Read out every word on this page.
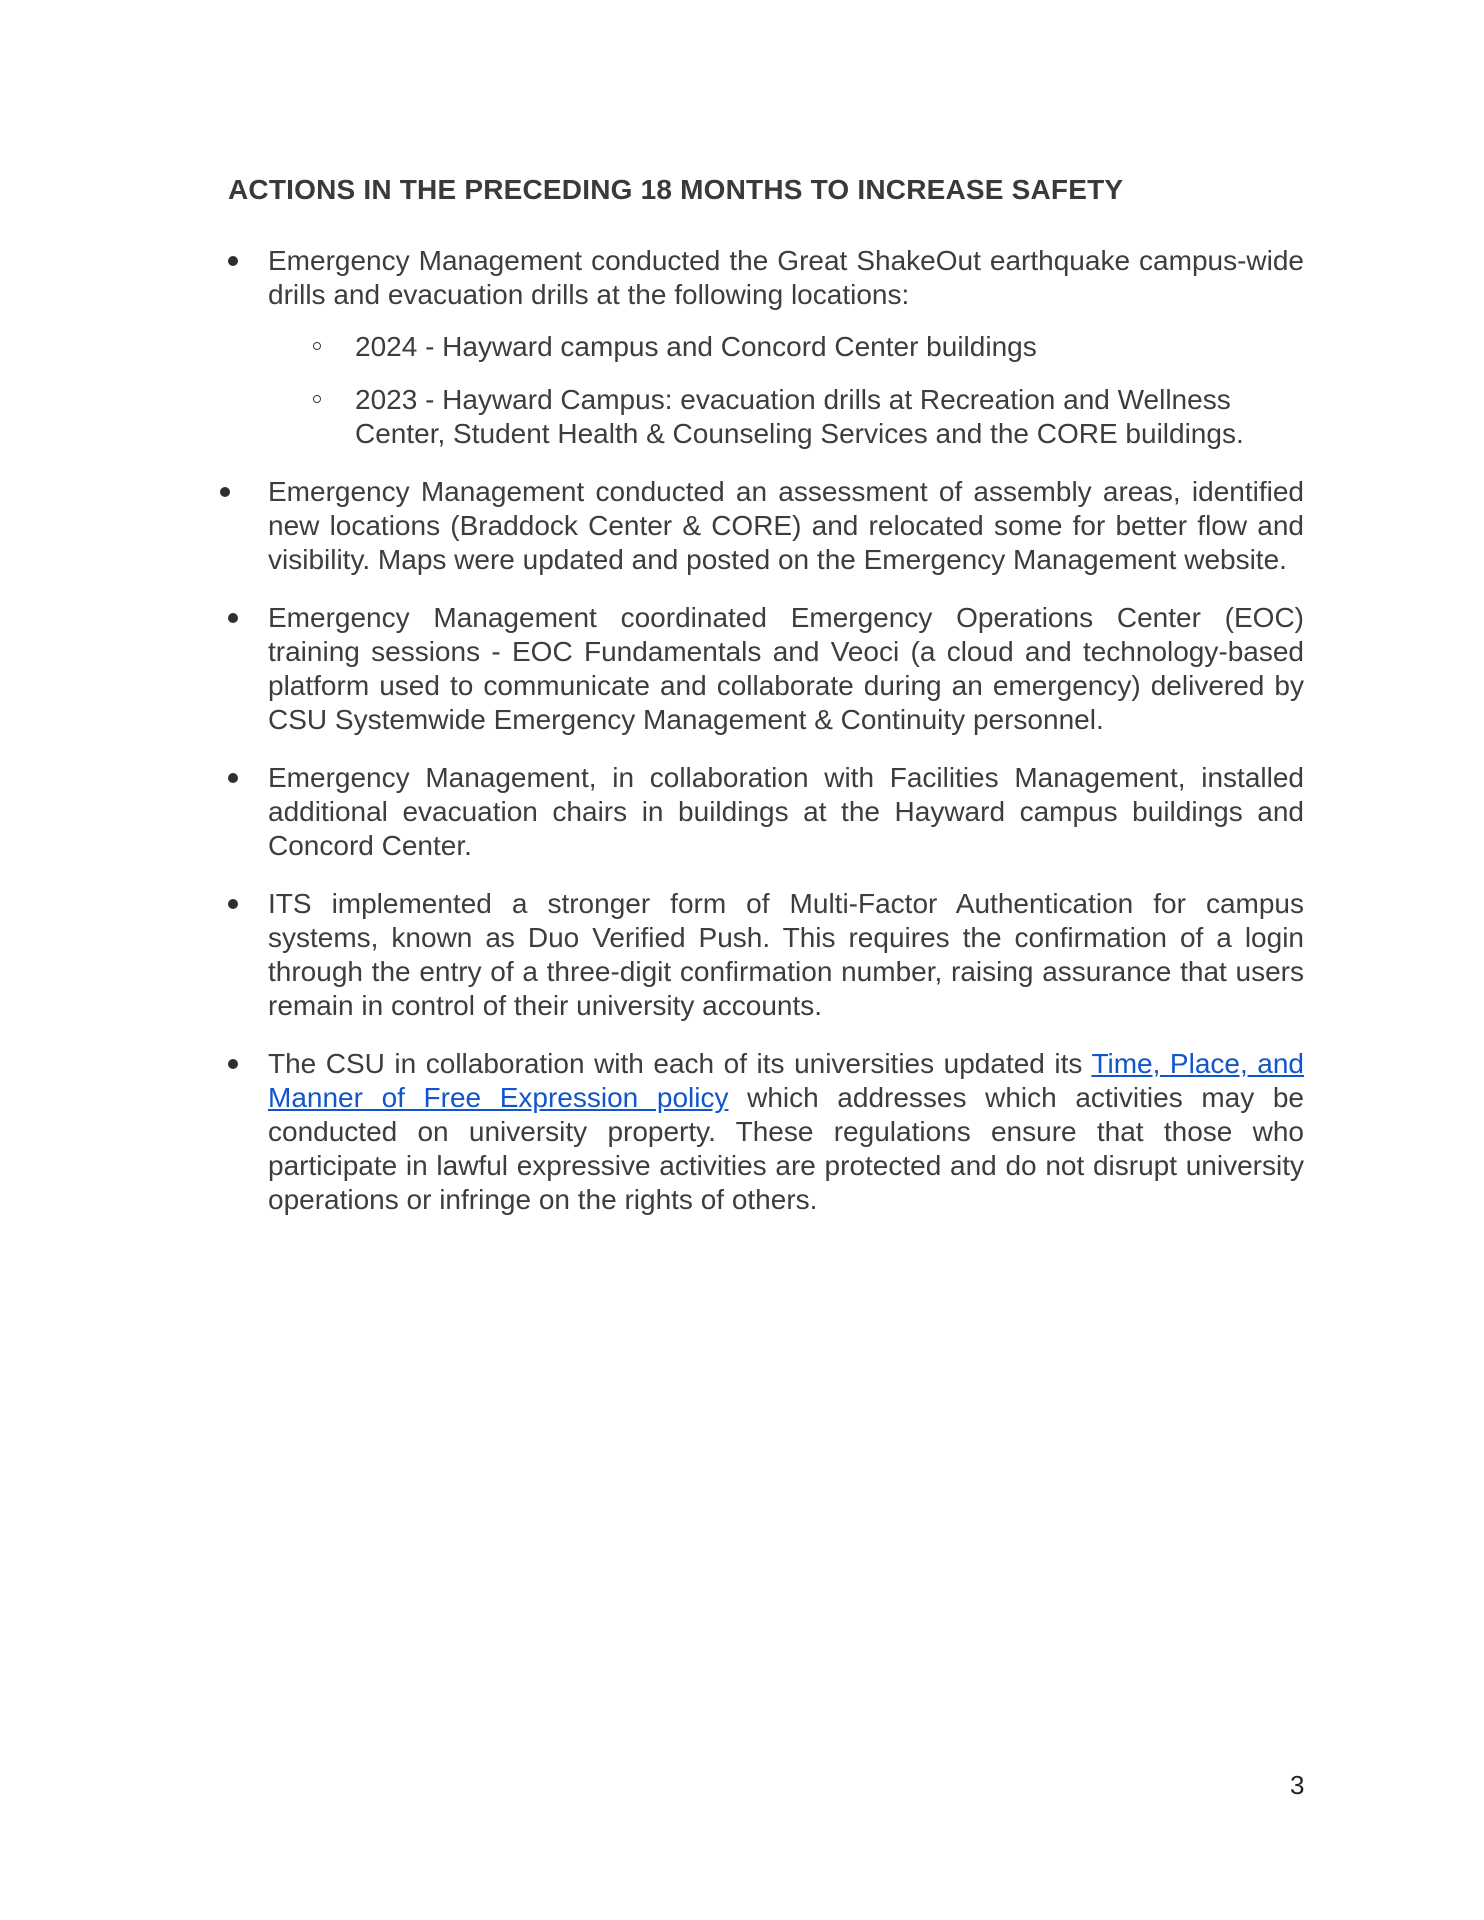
ACTIONS IN THE PRECEDING 18 MONTHS TO INCREASE SAFETY
Emergency Management conducted the Great ShakeOut earthquake campus-wide drills and evacuation drills at the following locations:
2024 - Hayward campus and Concord Center buildings
2023 - Hayward Campus: evacuation drills at Recreation and Wellness Center, Student Health & Counseling Services and the CORE buildings.
Emergency Management conducted an assessment of assembly areas, identified new locations (Braddock Center & CORE) and relocated some for better flow and visibility. Maps were updated and posted on the Emergency Management website.
Emergency Management coordinated Emergency Operations Center (EOC) training sessions - EOC Fundamentals and Veoci (a cloud and technology-based platform used to communicate and collaborate during an emergency) delivered by CSU Systemwide Emergency Management & Continuity personnel.
Emergency Management, in collaboration with Facilities Management, installed additional evacuation chairs in buildings at the Hayward campus buildings and Concord Center.
ITS implemented a stronger form of Multi-Factor Authentication for campus systems, known as Duo Verified Push. This requires the confirmation of a login through the entry of a three-digit confirmation number, raising assurance that users remain in control of their university accounts.
The CSU in collaboration with each of its universities updated its Time, Place, and Manner of Free Expression policy which addresses which activities may be conducted on university property. These regulations ensure that those who participate in lawful expressive activities are protected and do not disrupt university operations or infringe on the rights of others.
3
